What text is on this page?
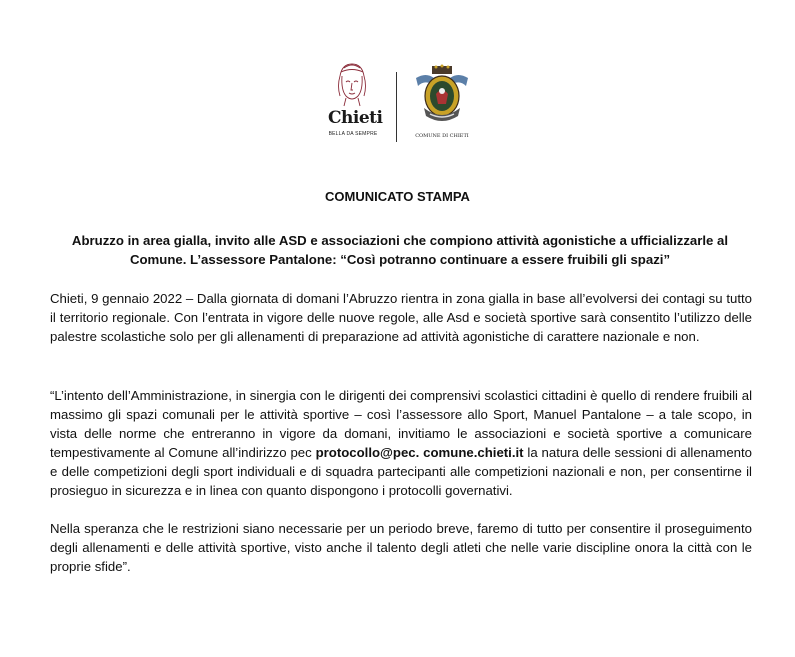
Chieti
BELLA DA SEMPRE	COMUNE DI CHIETI
COMUNICATO STAMPA
Abruzzo in area gialla, invito alle ASD e associazioni che compiono attività agonistiche a ufficializzarle al Comune. L’assessore Pantalone: “Così potranno continuare a essere fruibili gli spazi”
Chieti, 9 gennaio 2022 – Dalla giornata di domani l’Abruzzo rientra in zona gialla in base all’evolversi dei contagi su tutto il territorio regionale. Con l’entrata in vigore delle nuove regole, alle Asd e società sportive sarà consentito l’utilizzo delle palestre scolastiche solo per gli allenamenti di preparazione ad attività agonistiche di carattere nazionale e non.
“L’intento dell’Amministrazione, in sinergia con le dirigenti dei comprensivi scolastici cittadini è quello di rendere fruibili al massimo gli spazi comunali per le attività sportive – così l’assessore allo Sport, Manuel Pantalone – a tale scopo, in vista delle norme che entreranno in vigore da domani, invitiamo le associazioni e società sportive a comunicare tempestivamente al Comune all’indirizzo pec protocollo@pec. comune.chieti.it la natura delle sessioni di allenamento e delle competizioni degli sport individuali e di squadra partecipanti alle competizioni nazionali e non, per consentirne il prosieguo in sicurezza e in linea con quanto dispongono i protocolli governativi.
Nella speranza che le restrizioni siano necessarie per un periodo breve, faremo di tutto per consentire il proseguimento degli allenamenti e delle attività sportive, visto anche il talento degli atleti che nelle varie discipline onora la città con le proprie sfide”.
